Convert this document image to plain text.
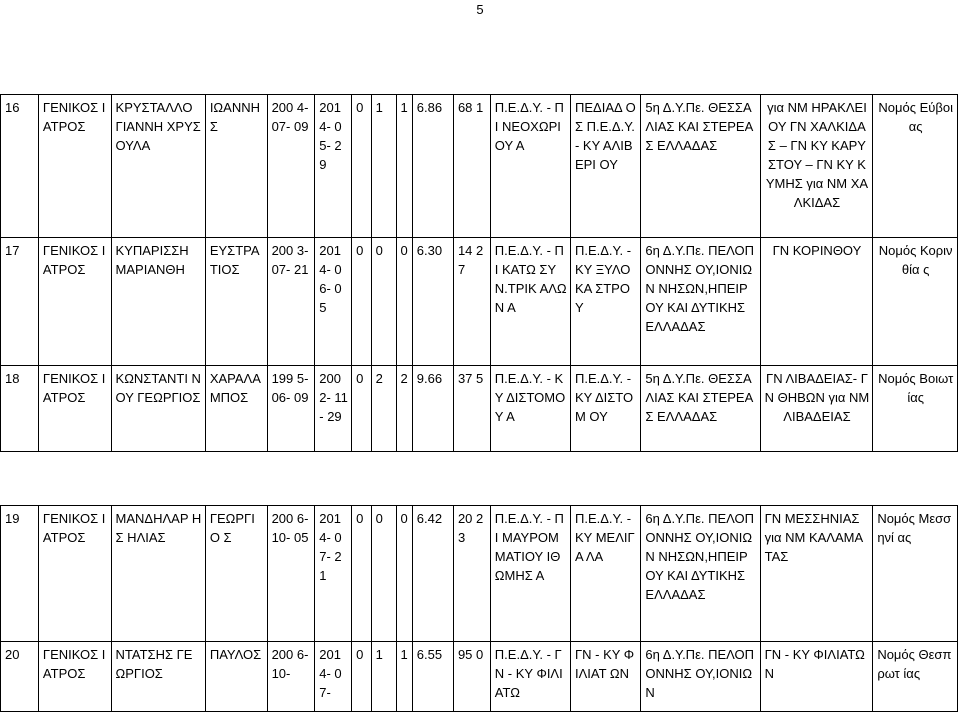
5
16	ΓΕΝΙΚΟΣ ΙΑΤΡΟΣ	ΚΡΥΣΤΑΛΛΟ ΓΙΑΝΝΗ ΧΡΥΣΟΥΛΑ	ΙΩΑΝΝΗ Σ	200 4- 07- 09	201 4- 05- 29	0	1	1	6.86	68 1	Π.Ε.Δ.Υ. - ΠΙ ΝΕΟΧΩΡΙ ΟΥ Α	ΠΕΔΙΑΔ ΟΣ Π.Ε.Δ.Υ. - ΚΥ ΑΛΙΒΕΡΙ ΟΥ	5η Δ.Υ.Πε. ΘΕΣΣΑΛΙΑΣ ΚΑΙ ΣΤΕΡΕΑΣ ΕΛΛΑΔΑΣ	για ΝΜ ΗΡΑΚΛΕΙΟΥ ΓΝ ΧΑΛΚΙΔΑΣ – ΓΝ ΚΥ ΚΑΡΥΣΤΟΥ – ΓΝ ΚΥ ΚΥΜΗΣ για ΝΜ ΧΑΛΚΙΔΑΣ	Νομός Εύβοιας
17	ΓΕΝΙΚΟΣ ΙΑΤΡΟΣ	ΚΥΠΑΡΙΣΣΗ ΜΑΡΙΑΝΘΗ	ΕΥΣΤΡΑ ΤΙΟΣ	200 3- 07- 21	201 4- 06- 05	0	0	0	6.30	14 27	Π.Ε.Δ.Υ. - ΠΙ ΚΑΤΩ ΣΥΝ.ΤΡΙΚ ΑΛΩΝ Α	Π.Ε.Δ.Υ. - ΚΥ ΞΥΛΟΚΑ ΣΤΡΟΥ	6η Δ.Υ.Πε. ΠΕΛΟΠΟΝΝΗΣ ΟΥ,ΙΟΝΙΩΝ ΝΗΣΩΝ,ΗΠΕΙΡ ΟΥ ΚΑΙ ΔΥΤΙΚΗΣ ΕΛΛΑΔΑΣ	ΓΝ ΚΟΡΙΝΘΟΥ	Νομός Κορινθία ς
18	ΓΕΝΙΚΟΣ ΙΑΤΡΟΣ	ΚΩΝΣΤΑΝΤΙ ΝΟΥ ΓΕΩΡΓΙΟΣ	ΧΑΡΑΛΑ ΜΠΟΣ	199 5- 06- 09	200 2- 11- 29	0	2	2	9.66	37 5	Π.Ε.Δ.Υ. - ΚΥ ΔΙΣΤΟΜΟ Υ Α	Π.Ε.Δ.Υ. - ΚΥ ΔΙΣΤΟΜ ΟΥ	5η Δ.Υ.Πε. ΘΕΣΣΑΛΙΑΣ ΚΑΙ ΣΤΕΡΕΑΣ ΕΛΛΑΔΑΣ	ΓΝ ΛΙΒΑΔΕΙΑΣ- ΓΝ ΘΗΒΩΝ για ΝΜ ΛΙΒΑΔΕΙΑΣ	Νομός Βοιωτίας
19	ΓΕΝΙΚΟΣ ΙΑΤΡΟΣ	ΜΑΝΔΗΛΑΡ ΗΣ ΗΛΙΑΣ	ΓΕΩΡΓΙΟ Σ	200 6- 10- 05	201 4- 07- 21	0	0	0	6.42	20 23	Π.Ε.Δ.Υ. - ΠΙ ΜΑΥΡΟΜ ΜΑΤΙΟΥ ΙΘΩΜΗΣ Α	Π.Ε.Δ.Υ. - ΚΥ ΜΕΛΙΓΑ ΛΑ	6η Δ.Υ.Πε. ΠΕΛΟΠΟΝΝΗΣ ΟΥ,ΙΟΝΙΩΝ ΝΗΣΩΝ,ΗΠΕΙΡ ΟΥ ΚΑΙ ΔΥΤΙΚΗΣ ΕΛΛΑΔΑΣ	ΓΝ ΜΕΣΣΗΝΙΑΣ για ΝΜ ΚΑΛΑΜΑΤΑΣ	Νομός Μεσσηνί ας
20	ΓΕΝΙΚΟΣ ΙΑΤΡΟΣ	ΝΤΑΤΣΗΣ ΓΕΩΡΓΙΟΣ	ΠΑΥΛΟΣ	200 6- 10-	201 4- 07-	0	1	1	6.55	95 0	Π.Ε.Δ.Υ. - ΓΝ - ΚΥ ΦΙΛΙΑΤΩ	ΓΝ - ΚΥ ΦΙΛΙΑΤ ΩΝ	6η Δ.Υ.Πε. ΠΕΛΟΠΟΝΝΗΣ ΟΥ,ΙΟΝΙΩΝ	ΓΝ - ΚΥ ΦΙΛΙΑΤΩΝ	Νομός Θεσπρωτ ίας
